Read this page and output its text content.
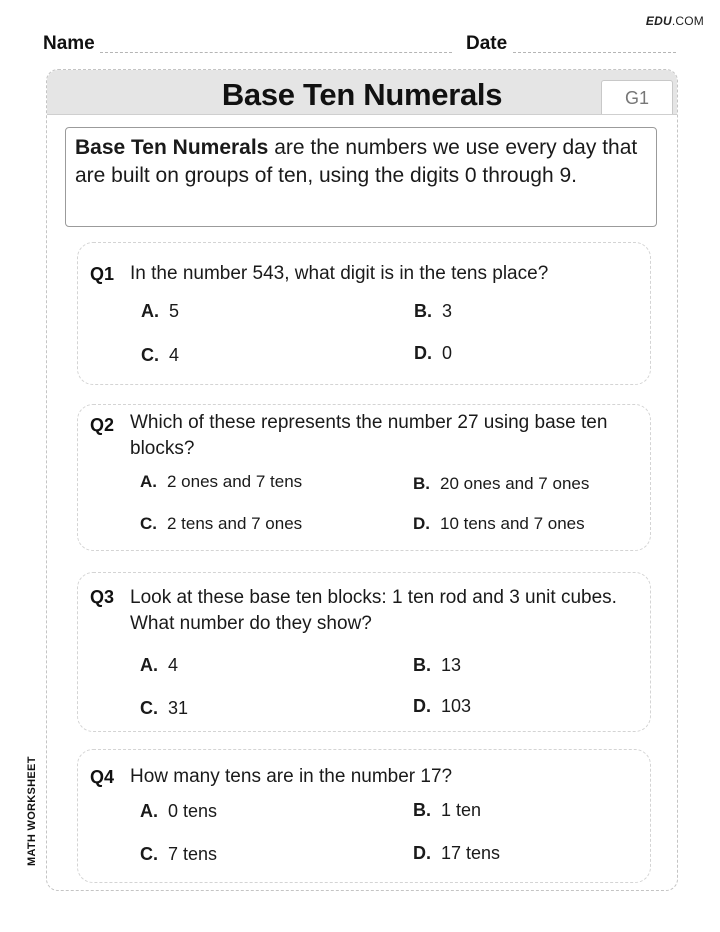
EDU.COM
Name	Date
MATH WORKSHEET
Base Ten Numerals	G1
Base Ten Numerals are the numbers we use every day that are built on groups of ten, using the digits 0 through 9.
Q1 In the number 543, what digit is in the tens place?
A. 5	B. 3
C. 4	D. 0
Q2 Which of these represents the number 27 using base ten blocks?
A. 2 ones and 7 tens	B. 20 ones and 7 ones
C. 2 tens and 7 ones	D. 10 tens and 7 ones
Q3 Look at these base ten blocks: 1 ten rod and 3 unit cubes. What number do they show?
A. 4	B. 13
C. 31	D. 103
Q4 How many tens are in the number 17?
A. 0 tens	B. 1 ten
C. 7 tens	D. 17 tens
